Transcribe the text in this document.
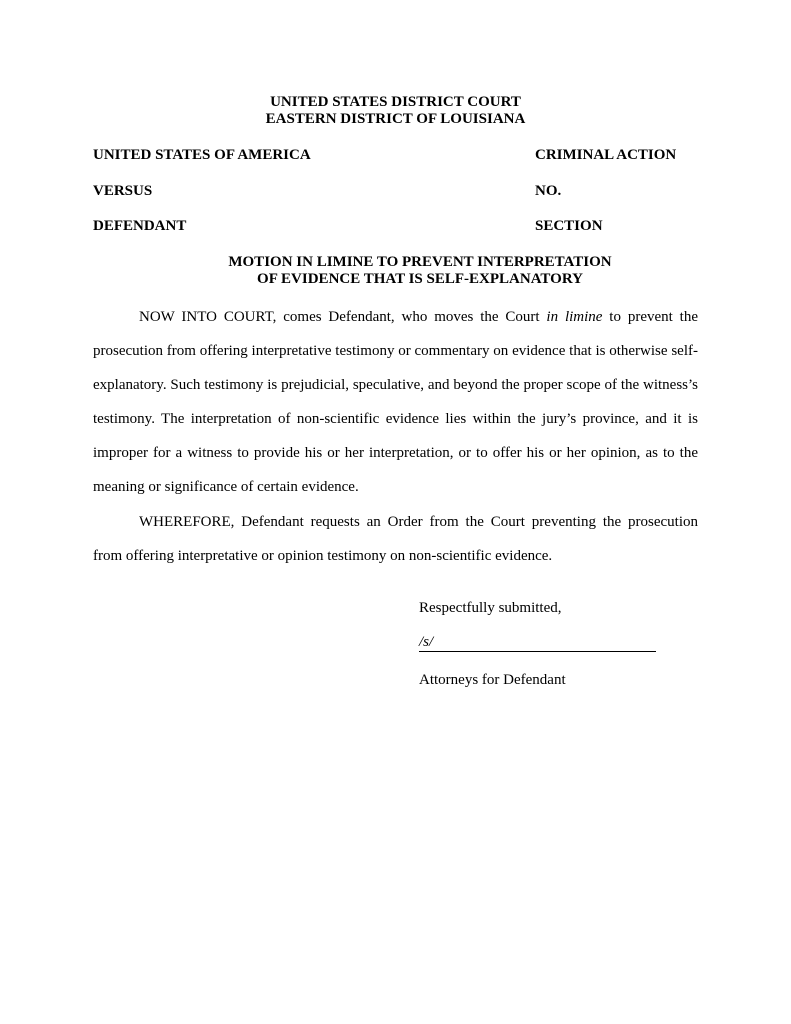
UNITED STATES DISTRICT COURT
EASTERN DISTRICT OF LOUISIANA
UNITED STATES OF AMERICA	CRIMINAL ACTION
VERSUS	NO.
DEFENDANT	SECTION
MOTION IN LIMINE TO PREVENT INTERPRETATION
OF EVIDENCE THAT IS SELF-EXPLANATORY

NOW INTO COURT, comes Defendant, who moves the Court in limine to prevent the prosecution from offering interpretative testimony or commentary on evidence that is otherwise self-explanatory. Such testimony is prejudicial, speculative, and beyond the proper scope of the witness’s testimony. The interpretation of non-scientific evidence lies within the jury’s province, and it is improper for a witness to provide his or her interpretation, or to offer his or her opinion, as to the meaning or significance of certain evidence.

WHEREFORE, Defendant requests an Order from the Court preventing the prosecution from offering interpretative or opinion testimony on non-scientific evidence.

Respectfully submitted,
/s/
Attorneys for Defendant
